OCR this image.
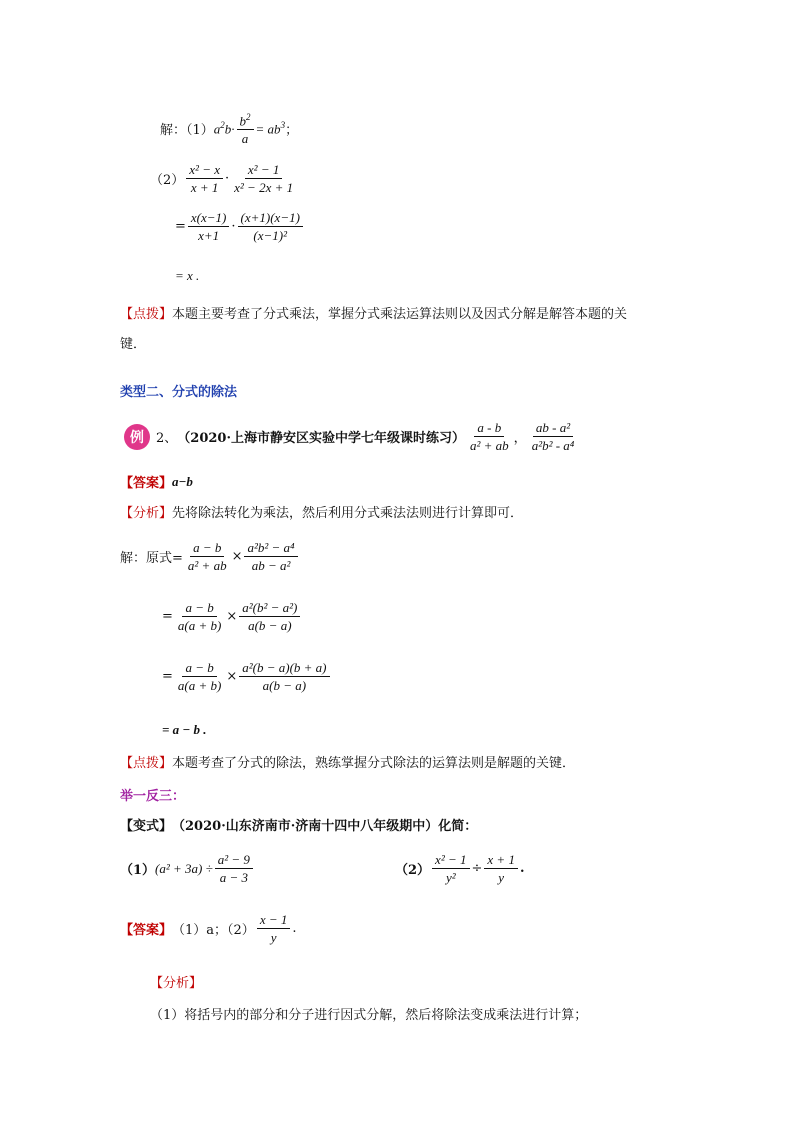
解：（1） $a^2b\cdot \frac{b^2}{a} = ab^3$ ；
$(2) \frac{\text{x² − x}}{x + 1} \cdot \frac{\text{x² − 1}}{\text{x² − 2x + 1}}$
= $\frac{x(x-1)}{x+1} \cdot \frac{(x+1)(x-1)}{\text{(x−1)²}}$
= x .
【点拨】本题主要考查了分式乘法，掌握分式乘法运算法则以及因式分解是解答本题的关
键．
类型二、分式的除法
例 2、 （2020·上海市静安区实验中学七年级课时练习） $\frac{a - b}{\text{a² + ab}}$ ， $\frac{\text{ab - a²}}{\text{a²b² - a⁴}}$
【答案】 a−b
【分析】 先将除法转化为乘法，然后利用分式乘法法则进行计算即可．
解：原式= $\frac{a - b}{\text{a² + ab}} \times \frac{\text{a²b² − a⁴}}{\text{ab − a²}}$
= $\frac{a - b}{a(a + b)} \times \frac{\text{a²(b² − a²)}}{a(b - a)}$
= $\frac{a - b}{a(a + b)} \times \frac{\text{a²(b − a)(b + a)}}{a(b - a)}$
= a − b .
【点拨】 本题考查了分式的除法，熟练掌握分式除法的运算法则是解题的关键．
举一反三：
【变式】 （2020·山东济南市·济南十四中八年级期中）化简：
（1） $(a^2 + 3a) \div \frac{\text{a² − 9}}{a - 3}$	$(2) \frac{\text{x² − 1}}{\text{y²}} \div \frac{x + 1}{y}$ .
【答案】 （1）a；$(2) \frac{x - 1}{y}$ .
【分析】
（1）将括号内的部分和分子进行因式分解，然后将除法变成乘法进行计算；
